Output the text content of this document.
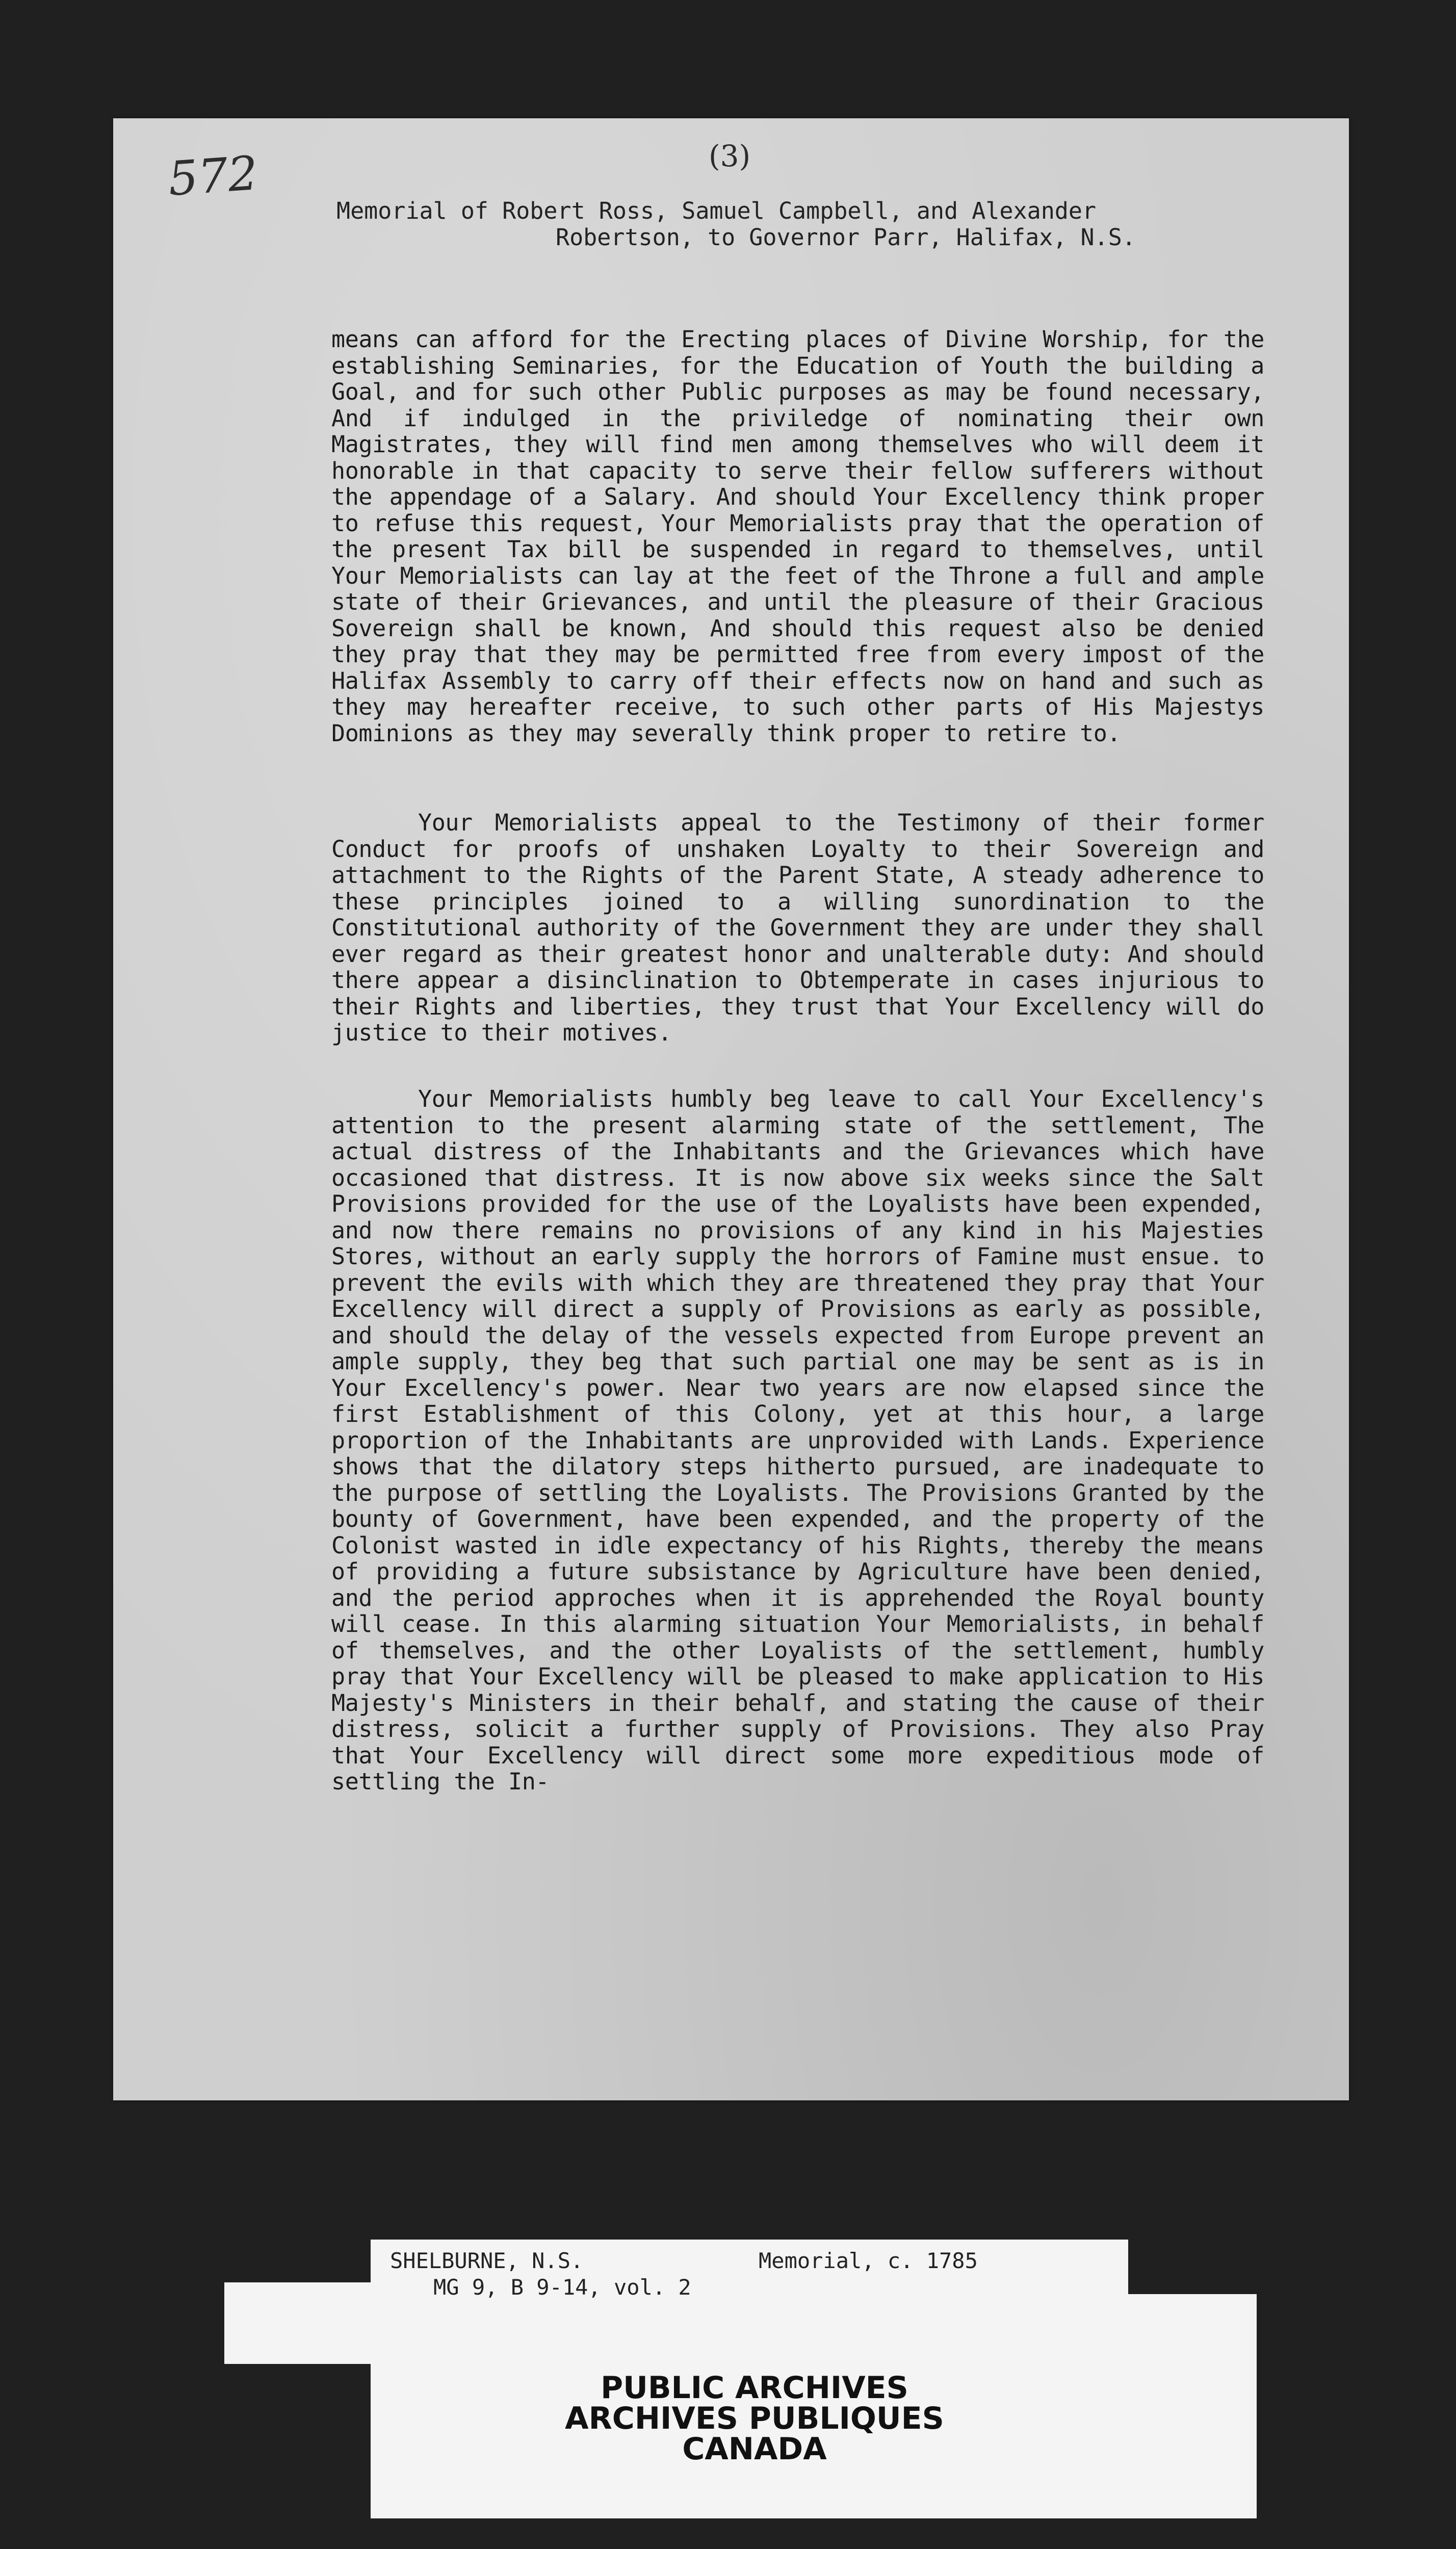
572	(3)
Memorial of Robert Ross, Samuel Campbell, and Alexander
Robertson, to Governor Parr, Halifax, N.S.
means can afford for the Erecting places of Divine Worship, for the establishing Seminaries, for the Education of Youth the building a Goal, and for such other Public purposes as may be found necessary, And if indulged in the priviledge of nominating their own Magistrates, they will find men among themselves who will deem it honorable in that capacity to serve their fellow sufferers without the appendage of a Salary. And should Your Excellency think proper to refuse this request, Your Memorialists pray that the operation of the present Tax bill be suspended in regard to themselves, until Your Memorialists can lay at the feet of the Throne a full and ample state of their Grievances, and until the pleasure of their Gracious Sovereign shall be known, And should this request also be denied they pray that they may be permitted free from every impost of the Halifax Assembly to carry off their effects now on hand and such as they may hereafter receive, to such other parts of His Majestys Dominions as they may severally think proper to retire to.
Your Memorialists appeal to the Testimony of their former Conduct for proofs of unshaken Loyalty to their Sovereign and attachment to the Rights of the Parent State, A steady adherence to these principles joined to a willing sunordination to the Constitutional authority of the Government they are under they shall ever regard as their greatest honor and unalterable duty: And should there appear a disinclination to Obtemperate in cases injurious to their Rights and liberties, they trust that Your Excellency will do justice to their motives.
Your Memorialists humbly beg leave to call Your Excellency's attention to the present alarming state of the settlement, The actual distress of the Inhabitants and the Grievances which have occasioned that distress. It is now above six weeks since the Salt Provisions provided for the use of the Loyalists have been expended, and now there remains no provisions of any kind in his Majesties Stores, without an early supply the horrors of Famine must ensue. to prevent the evils with which they are threatened they pray that Your Excellency will direct a supply of Provisions as early as possible, and should the delay of the vessels expected from Europe prevent an ample supply, they beg that such partial one may be sent as is in Your Excellency's power. Near two years are now elapsed since the first Establishment of this Colony, yet at this hour, a large proportion of the Inhabitants are unprovided with Lands. Experience shows that the dilatory steps hitherto pursued, are inadequate to the purpose of settling the Loyalists. The Provisions Granted by the bounty of Government, have been expended, and the property of the Colonist wasted in idle expectancy of his Rights, thereby the means of providing a future subsistance by Agriculture have been denied, and the period approches when it is apprehended the Royal bounty will cease. In this alarming situation Your Memorialists, in behalf of themselves, and the other Loyalists of the settlement, humbly pray that Your Excellency will be pleased to make application to His Majesty's Ministers in their behalf, and stating the cause of their distress, solicit a further supply of Provisions. They also Pray that Your Excellency will direct some more expeditious mode of settling the In-
SHELBURNE, N.S.	Memorial, c. 1785
MG 9, B 9-14, vol. 2
PUBLIC ARCHIVES
ARCHIVES PUBLIQUES
CANADA
